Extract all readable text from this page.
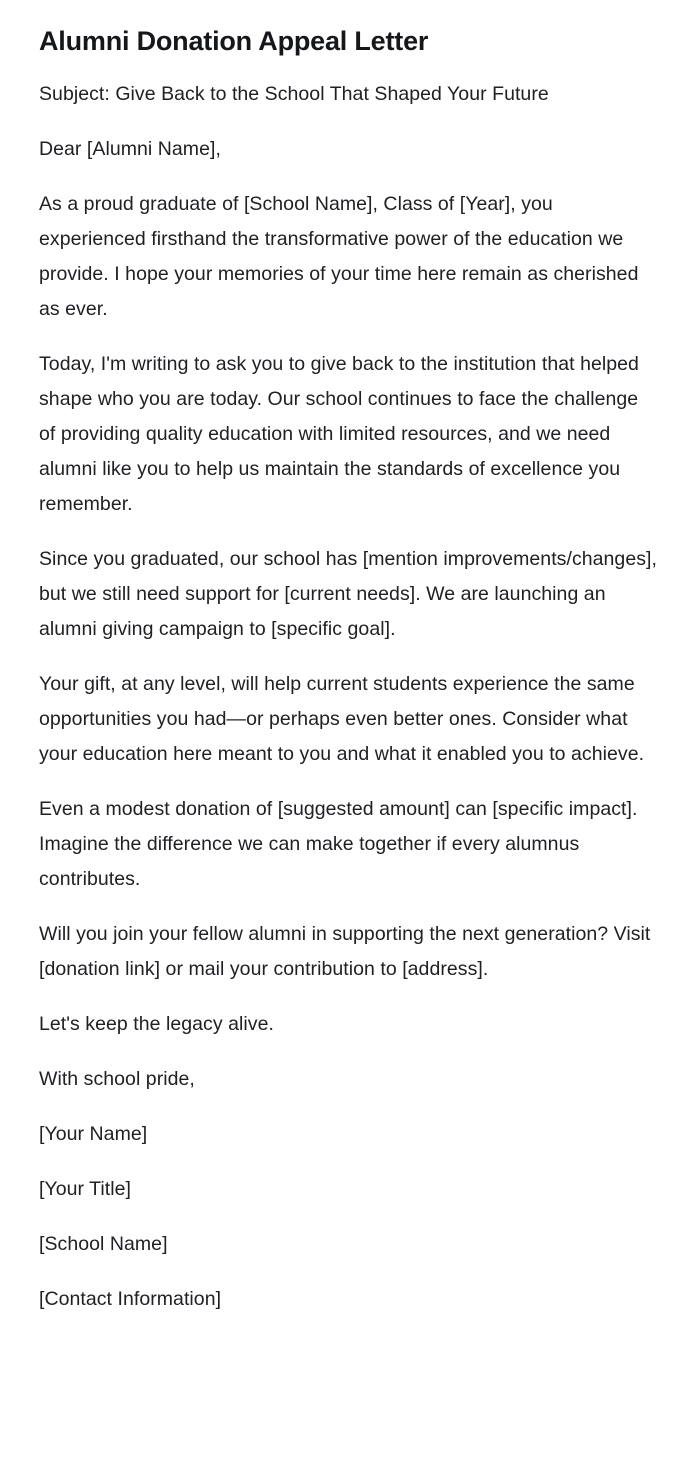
Alumni Donation Appeal Letter

Subject: Give Back to the School That Shaped Your Future

Dear [Alumni Name],

As a proud graduate of [School Name], Class of [Year], you experienced firsthand the transformative power of the education we provide. I hope your memories of your time here remain as cherished as ever.

Today, I'm writing to ask you to give back to the institution that helped shape who you are today. Our school continues to face the challenge of providing quality education with limited resources, and we need alumni like you to help us maintain the standards of excellence you remember.

Since you graduated, our school has [mention improvements/changes], but we still need support for [current needs]. We are launching an alumni giving campaign to [specific goal].

Your gift, at any level, will help current students experience the same opportunities you had—or perhaps even better ones. Consider what your education here meant to you and what it enabled you to achieve.

Even a modest donation of [suggested amount] can [specific impact]. Imagine the difference we can make together if every alumnus contributes.

Will you join your fellow alumni in supporting the next generation? Visit [donation link] or mail your contribution to [address].

Let's keep the legacy alive.

With school pride,

[Your Name]

[Your Title]

[School Name]

[Contact Information]
